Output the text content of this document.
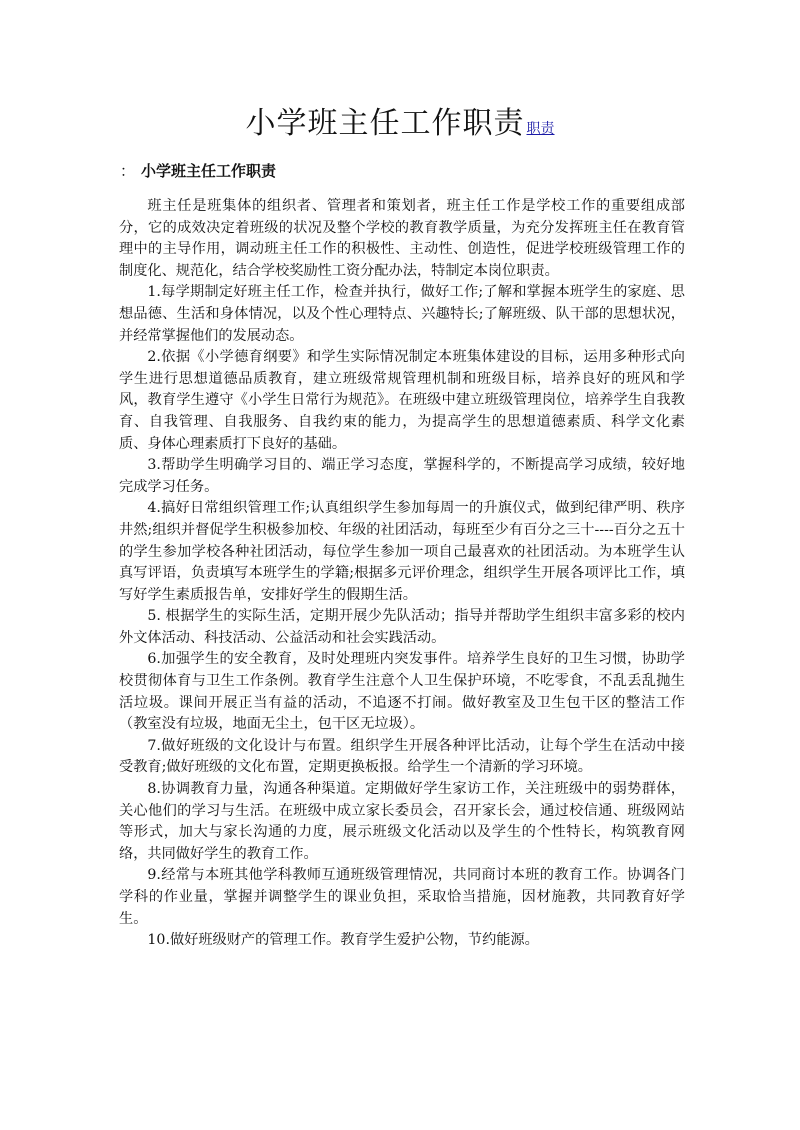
小学班主任工作职责 职责
： 小学班主任工作职责

班主任是班集体的组织者、管理者和策划者，班主任工作是学校工作的重要组成部分，它的成效决定着班级的状况及整个学校的教育教学质量，为充分发挥班主任在教育管理中的主导作用，调动班主任工作的积极性、主动性、创造性，促进学校班级管理工作的制度化、规范化，结合学校奖励性工资分配办法，特制定本岗位职责。

1.每学期制定好班主任工作，检查并执行，做好工作;了解和掌握本班学生的家庭、思想品德、生活和身体情况，以及个性心理特点、兴趣特长;了解班级、队干部的思想状况，并经常掌握他们的发展动态。

2.依据《小学德育纲要》和学生实际情况制定本班集体建设的目标，运用多种形式向学生进行思想道德品质教育，建立班级常规管理机制和班级目标，培养良好的班风和学风，教育学生遵守《小学生日常行为规范》。在班级中建立班级管理岗位，培养学生自我教育、自我管理、自我服务、自我约束的能力，为提高学生的思想道德素质、科学文化素质、身体心理素质打下良好的基础。

3.帮助学生明确学习目的、端正学习态度，掌握科学的，不断提高学习成绩，较好地完成学习任务。

4.搞好日常组织管理工作;认真组织学生参加每周一的升旗仪式，做到纪律严明、秩序井然;组织并督促学生积极参加校、年级的社团活动，每班至少有百分之三十----百分之五十的学生参加学校各种社团活动，每位学生参加一项自己最喜欢的社团活动。为本班学生认真写评语，负责填写本班学生的学籍;根据多元评价理念，组织学生开展各项评比工作，填写好学生素质报告单，安排好学生的假期生活。

5. 根据学生的实际生活，定期开展少先队活动；指导并帮助学生组织丰富多彩的校内外文体活动、科技活动、公益活动和社会实践活动。

6.加强学生的安全教育，及时处理班内突发事件。培养学生良好的卫生习惯，协助学校贯彻体育与卫生工作条例。教育学生注意个人卫生保护环境，不吃零食，不乱丢乱抛生活垃圾。课间开展正当有益的活动，不追逐不打闹。做好教室及卫生包干区的整洁工作（教室没有垃圾，地面无尘土，包干区无垃圾）。

7.做好班级的文化设计与布置。组织学生开展各种评比活动，让每个学生在活动中接受教育;做好班级的文化布置，定期更换板报。给学生一个清新的学习环境。

8.协调教育力量，沟通各种渠道。定期做好学生家访工作，关注班级中的弱势群体，关心他们的学习与生活。在班级中成立家长委员会，召开家长会，通过校信通、班级网站等形式，加大与家长沟通的力度，展示班级文化活动以及学生的个性特长，构筑教育网络，共同做好学生的教育工作。

9.经常与本班其他学科教师互通班级管理情况，共同商讨本班的教育工作。协调各门学科的作业量，掌握并调整学生的课业负担，采取恰当措施，因材施教，共同教育好学生。

10.做好班级财产的管理工作。教育学生爱护公物，节约能源。
